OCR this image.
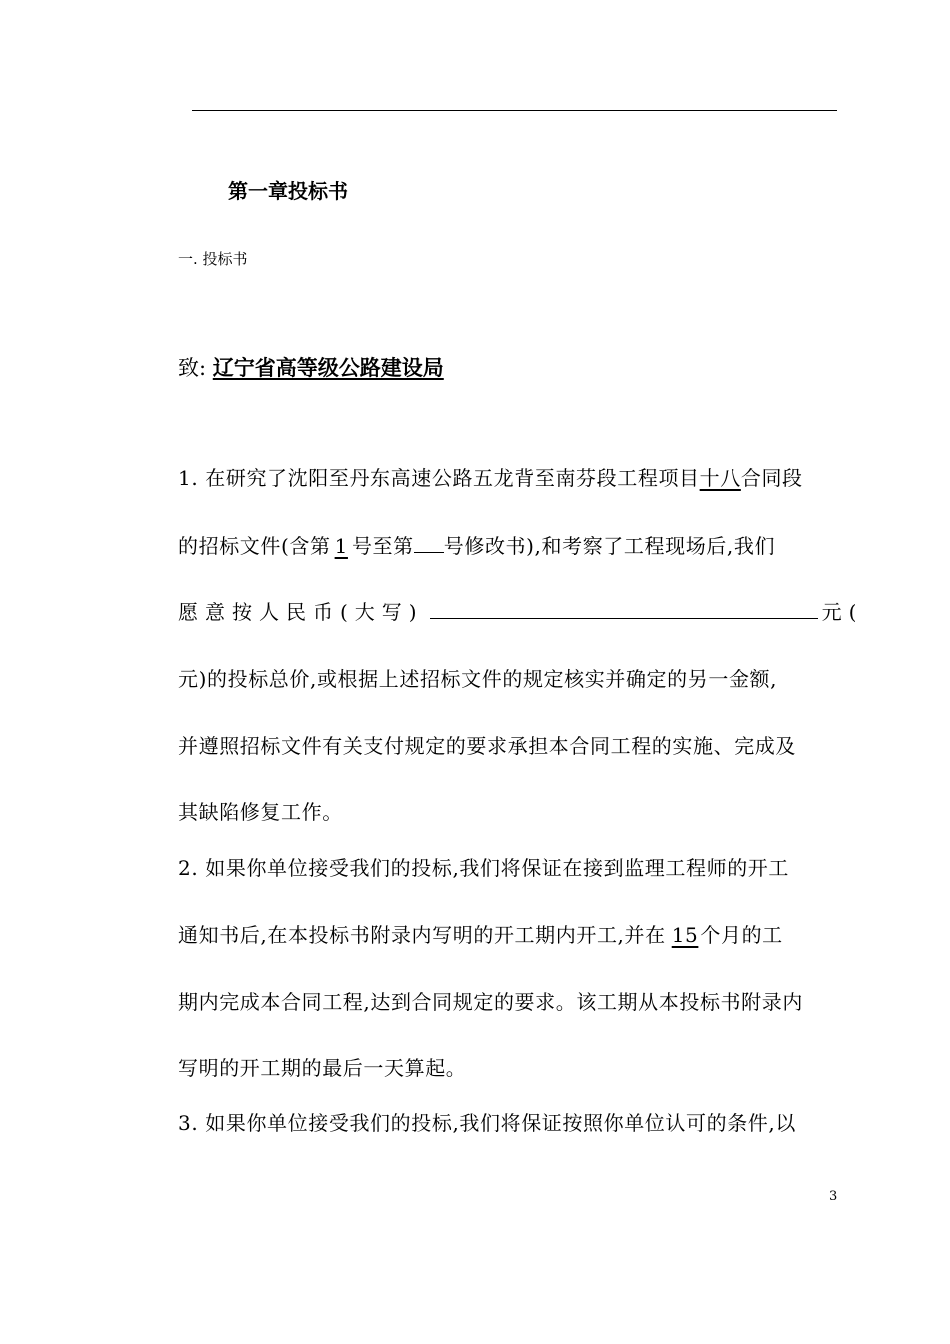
第一章投标书
一. 投标书
致: 辽宁省高等级公路建设局
1. 在研究了沈阳至丹东高速公路五龙背至南芬段工程项目十八合同段
的招标文件(含第 1 号至第 号修改书),和考察了工程现场后,我们
愿意按人民币(大写)	元(
元)的投标总价,或根据上述招标文件的规定核实并确定的另一金额,
并遵照招标文件有关支付规定的要求承担本合同工程的实施、完成及
其缺陷修复工作。
2. 如果你单位接受我们的投标,我们将保证在接到监理工程师的开工
通知书后,在本投标书附录内写明的开工期内开工,并在 15 个月的工
期内完成本合同工程,达到合同规定的要求。该工期从本投标书附录内
写明的开工期的最后一天算起。
3. 如果你单位接受我们的投标,我们将保证按照你单位认可的条件,以
3
